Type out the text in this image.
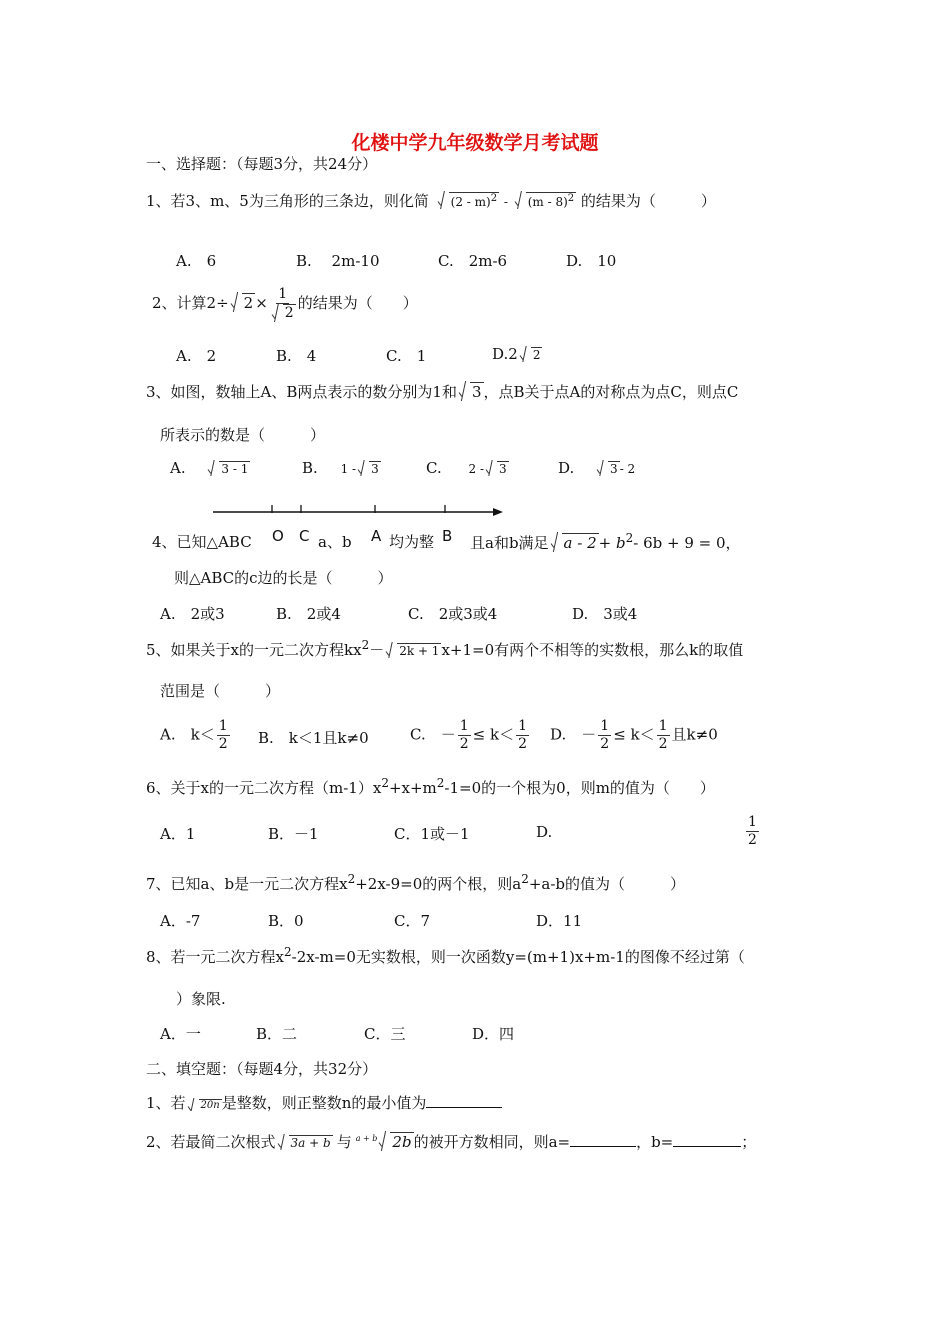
化楼中学九年级数学月考试题
一、选择题：（每题3分，共24分）
1、若3、m、5为三角形的三条边，则化简 (2 - m)$^2$ - (m - 8)$^2$ 的结果为（　　　）
A.　6	B.　 2m-10	C.　2m-6	D.　10
2、计算$2\div 2 \times \frac{1}{2}$ 的结果为（　　）
A.　2	B.　4	C.　1	D.2 2
3、如图，数轴上A、B两点表示的数分别为1和 3 ，点B关于点A的对称点为点C，则点C
所表示的数是（　　　）
A.	3 - 1	B. 1 - 3	C. 2 - 3	D.	3 - 2
4、已知△ABC O C a、b A 均为整 B 且a和b满足 $a - 2 + b^2-$ 6b + 9 = 0，
则△ABC的c边的长是（　　　）
A.　2或3	B.　2或4	C.　2或3或4	D.　3或4
5、如果关于x的一元二次方程$kx^2- 2k + 1$ x+1=0有两个不相等的实数根，那么k的取值
范围是（　　　）
A.　$k< \frac{1}{2} B$.　k＜1且k≠0	C.　－ $\frac{1}{2} \le k< \frac{1}{2} D$.　－ $\frac{1}{2} \le k< \frac{1}{2}$ 且k≠0
6、关于x的一元二次方程$(m-1)x^2+x+m^2-1=0$的一个根为0，则m的值为（　　）
A．1	B．－1	C．1或－1	D.	$\frac{1}{2}$
7、已知a、b是一元二次方程$x^2+2x-9=0$的两个根，则$a^2+a-b$的值为（　　　）
A．-7	B．0	C．7	D．11
8、若一元二次方程$x^2-2x-m=0$无实数根，则一次函数y=(m+1)x+m-1的图像不经过第（
）象限.
A．一	B．二	C．三	D．四
二、填空题：（每题4分，共32分）
1、若 20n 是整数，则正整数n的最小值为
2、若最简二次根式 3a + b 与 $^{a + b}$ 2b 的被开方数相同，则a=	，b=	；
